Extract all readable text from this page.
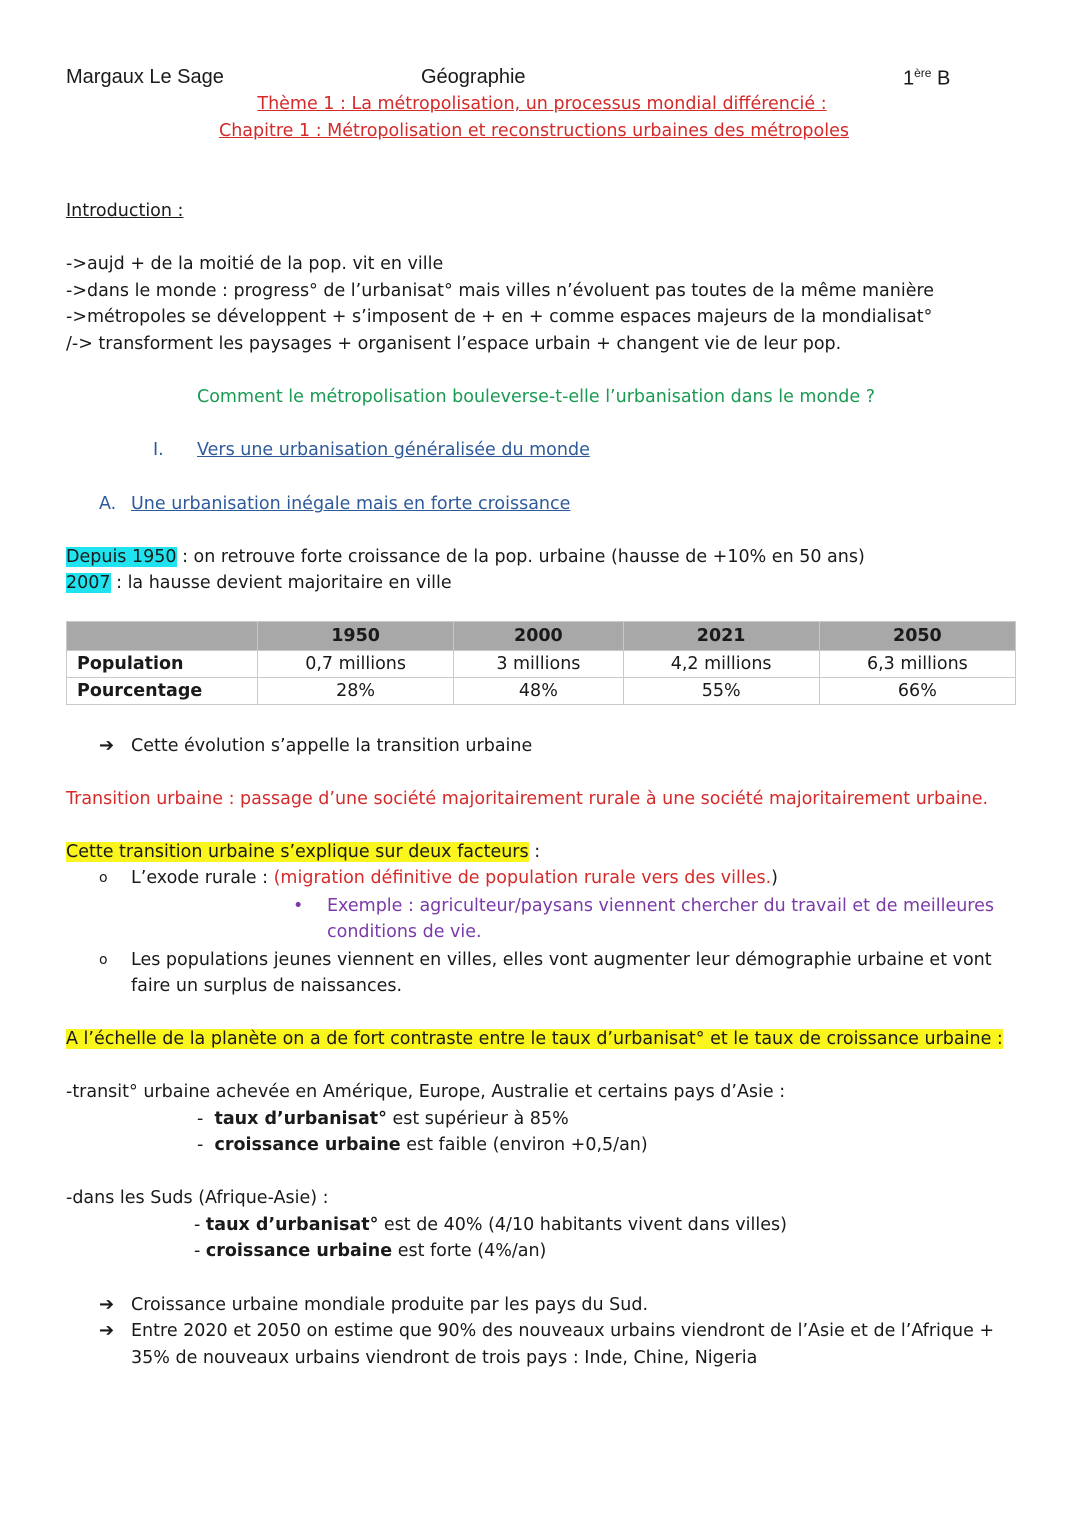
Margaux Le Sage	Géographie	1ère B
Thème 1 : La métropolisation, un processus mondial différencié :
Chapitre 1 : Métropolisation et reconstructions urbaines des métropoles
Introduction :
->aujd + de la moitié de la pop. vit en ville
->dans le monde : progress° de l’urbanisat° mais villes n’évoluent pas toutes de la même manière
->métropoles se développent + s’imposent de + en + comme espaces majeurs de la mondialisat°
/-> transforment les paysages + organisent l’espace urbain + changent vie de leur pop.
Comment le métropolisation bouleverse-t-elle l’urbanisation dans le monde ?
I. Vers une urbanisation généralisée du monde
A. Une urbanisation inégale mais en forte croissance
Depuis 1950 : on retrouve forte croissance de la pop. urbaine (hausse de +10% en 50 ans)
2007 : la hausse devient majoritaire en ville
	1950	2000	2021	2050
Population	0,7 millions	3 millions	4,2 millions	6,3 millions
Pourcentage	28%	48%	55%	66%
➔ Cette évolution s’appelle la transition urbaine
Transition urbaine : passage d’une société majoritairement rurale à une société majoritairement urbaine.
Cette transition urbaine s’explique sur deux facteurs :
o L’exode rurale : (migration définitive de population rurale vers des villes.)
• Exemple : agriculteur/paysans viennent chercher du travail et de meilleures
conditions de vie.
o Les populations jeunes viennent en villes, elles vont augmenter leur démographie urbaine et vont
faire un surplus de naissances.
A l’échelle de la planète on a de fort contraste entre le taux d’urbanisat° et le taux de croissance urbaine :
-transit° urbaine achevée en Amérique, Europe, Australie et certains pays d’Asie :
- taux d’urbanisat° est supérieur à 85%
- croissance urbaine est faible (environ +0,5/an)
-dans les Suds (Afrique-Asie) :
- taux d’urbanisat° est de 40% (4/10 habitants vivent dans villes)
- croissance urbaine est forte (4%/an)
➔ Croissance urbaine mondiale produite par les pays du Sud.
➔ Entre 2020 et 2050 on estime que 90% des nouveaux urbains viendront de l’Asie et de l’Afrique +
35% de nouveaux urbains viendront de trois pays : Inde, Chine, Nigeria
